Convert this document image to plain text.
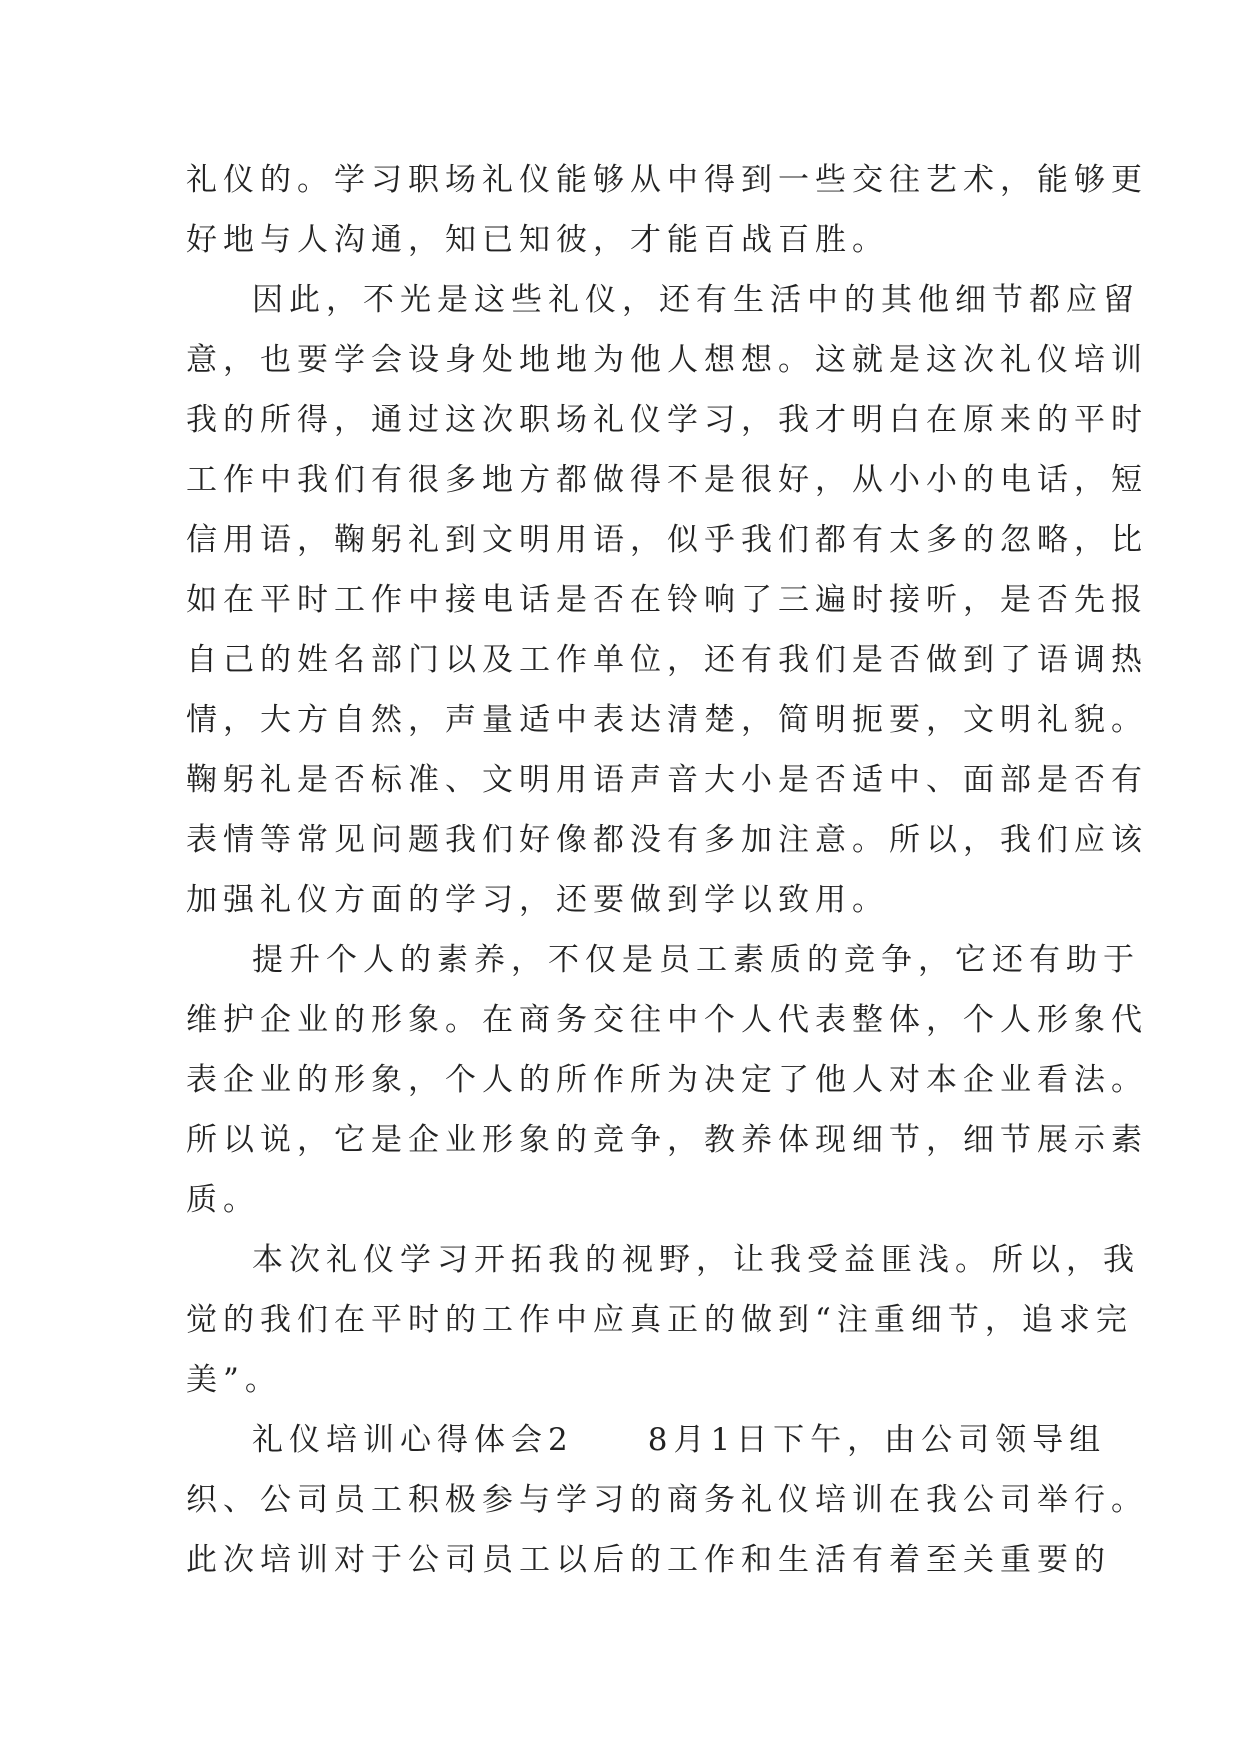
礼仪的。学习职场礼仪能够从中得到一些交往艺术，能够更
好地与人沟通，知已知彼，才能百战百胜。
因此，不光是这些礼仪，还有生活中的其他细节都应留
意，也要学会设身处地地为他人想想。这就是这次礼仪培训
我的所得，通过这次职场礼仪学习，我才明白在原来的平时
工作中我们有很多地方都做得不是很好，从小小的电话，短
信用语，鞠躬礼到文明用语，似乎我们都有太多的忽略，比
如在平时工作中接电话是否在铃响了三遍时接听，是否先报
自己的姓名部门以及工作单位，还有我们是否做到了语调热
情，大方自然，声量适中表达清楚，简明扼要，文明礼貌。
鞠躬礼是否标准、文明用语声音大小是否适中、面部是否有
表情等常见问题我们好像都没有多加注意。所以，我们应该
加强礼仪方面的学习，还要做到学以致用。
提升个人的素养，不仅是员工素质的竞争，它还有助于
维护企业的形象。在商务交往中个人代表整体，个人形象代
表企业的形象，个人的所作所为决定了他人对本企业看法。
所以说，它是企业形象的竞争，教养体现细节，细节展示素
质。
本次礼仪学习开拓我的视野，让我受益匪浅。所以，我
觉的我们在平时的工作中应真正的做到“注重细节，追求完
美”。
礼仪培训心得体会2　　8月1日下午，由公司领导组
织、公司员工积极参与学习的商务礼仪培训在我公司举行。
此次培训对于公司员工以后的工作和生活有着至关重要的
